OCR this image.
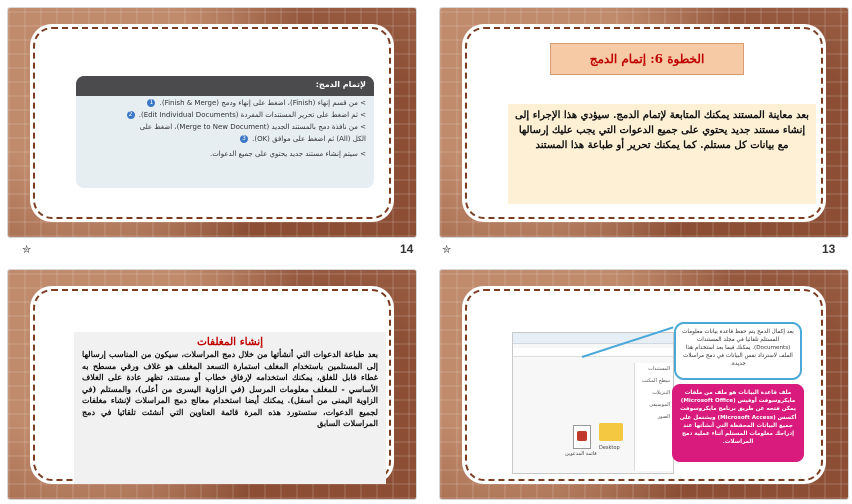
لإتمام الدمج:
> من قسم إنهاء (Finish)، اضغط على إنهاء ودمج (Finish & Merge). 1
> ثم اضغط على تحرير المستندات المفردة (Edit Individual Documents). 2
> من نافذة دمج بالمستند الجديد (Merge to New Document)، اضغط على
الكل (All) ثم اضغط على موافق (OK). 3
> سيتم إنشاء مستند جديد يحتوي على جميع الدعوات.
✮	14
الخطوة 6: إتمام الدمج
بعد معاينة المستند يمكنك المتابعة لإتمام الدمج. سيؤدي هذا الإجراء إلى إنشاء مستند جديد يحتوي على جميع الدعوات التي يجب عليك إرسالها مع بيانات كل مستلم. كما يمكنك تحرير أو طباعة هذا المستند
✮	13
إنشاء المغلفات
بعد طباعة الدعوات التي أنشأتها من خلال دمج المراسلات، سيكون من المناسب إرسالها إلى المستلمين باستخدام المغلف استمارة التسعد المغلف هو غلاف ورقي مسطح به غطاء قابل للغلق، يمكنك استخدامه لإرفاق خطاب أو مستند، تظهر عادة على الغلاف الأساسي - للمغلف معلومات المرسل (في الزاوية اليسرى من أعلى)، والمستلم (في الزاوية اليمنى من أسفل). يمكنك أيضا استخدام معالج دمج المراسلات لإنشاء مغلفات لجميع الدعوات، ستستورد هذه المرة قائمة العناوين التي أنشئت تلقائيا في دمج المراسلات السابق
المستندات
سطح المكتب
التنزيلات
الموسيقى
الصور
Desktop
قائمة المدعوين
بعد إكمال الدمج يتم حفظ قاعدة بيانات معلومات المستلم تلقائيا في مجلد المستندات (Documents). يمكنك فيما بعد استخدام هذا الملف لاسترداد نفس البيانات في دمج مراسلات جديدة.
ملف قاعدة البيانات هو ملف من ملفات مايكروسوفت أوفيس (Microsoft Office) يمكن فتحه عن طريق برنامج مايكروسوفت أكسس (Microsoft Access) ويشتمل على جميع البيانات المحفظة التي أنشأتها عند إدراجك معلومات المستلم أثناء عملية دمج المراسلات.
